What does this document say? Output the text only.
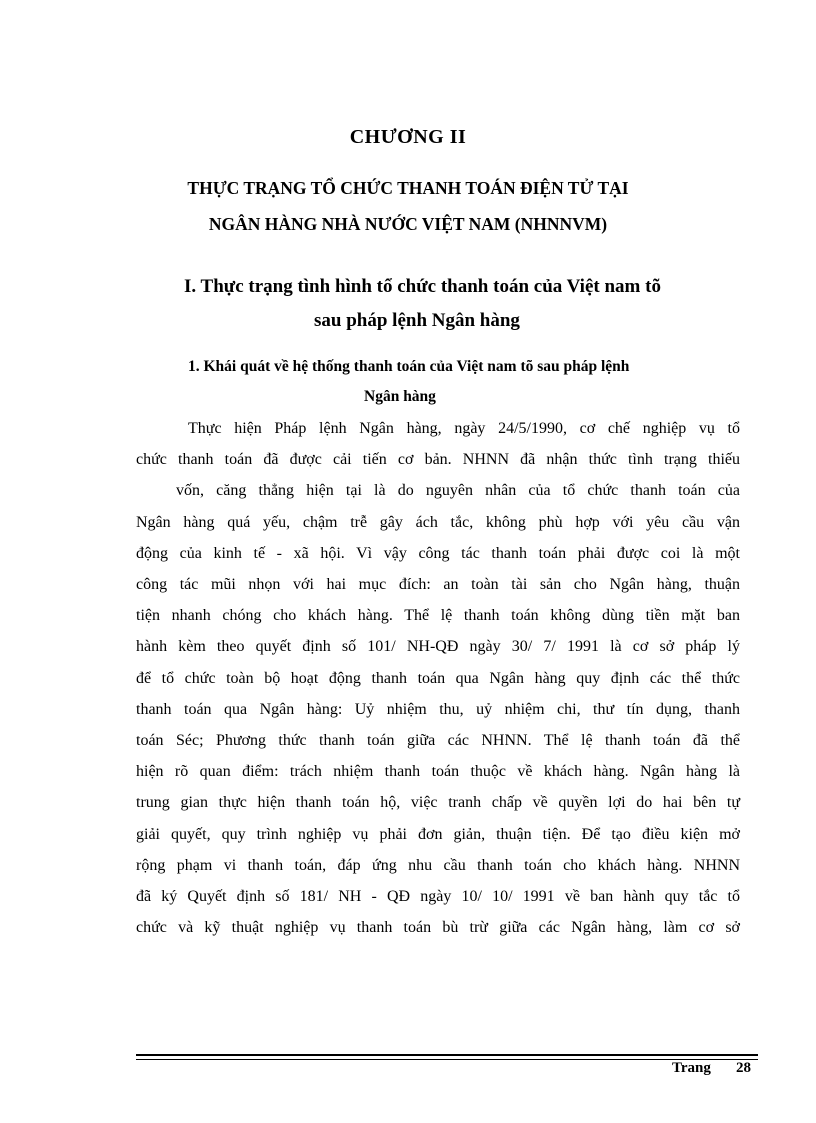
CHƯƠNG II
THỰC TRẠNG TỔ CHỨC THANH TOÁN ĐIỆN TỬ TẠI
NGÂN HÀNG NHÀ NƯỚC VIỆT NAM (NHNNVM)
I. Thực trạng tình hình tổ chức thanh toán của Việt nam tõ
sau pháp lệnh Ngân hàng
1. Khái quát về hệ thống thanh toán của Việt nam tõ sau pháp lệnh
Ngân hàng
Thực hiện Pháp lệnh Ngân hàng, ngày 24/5/1990, cơ chế nghiệp vụ tổ
chức thanh toán đã được cải tiến cơ bản. NHNN đã nhận thức tình trạng thiếu
vốn, căng thẳng hiện tại là do nguyên nhân của tổ chức thanh toán của
Ngân hàng quá yếu, chậm trễ gây ách tắc, không phù hợp với yêu cầu vận
động của kinh tế - xã hội. Vì vậy công tác thanh toán phải được coi là một
công tác mũi nhọn với hai mục đích: an toàn tài sản cho Ngân hàng, thuận
tiện nhanh chóng cho khách hàng. Thể lệ thanh toán không dùng tiền mặt ban
hành kèm theo quyết định số 101/ NH-QĐ ngày 30/ 7/ 1991 là cơ sở pháp lý
để tổ chức toàn bộ hoạt động thanh toán qua Ngân hàng quy định các thể thức
thanh toán qua Ngân hàng: Uỷ nhiệm thu, uỷ nhiệm chi, thư tín dụng, thanh
toán Séc; Phương thức thanh toán giữa các NHNN. Thể lệ thanh toán đã thể
hiện rõ quan điểm: trách nhiệm thanh toán thuộc về khách hàng. Ngân hàng là
trung gian thực hiện thanh toán hộ, việc tranh chấp về quyền lợi do hai bên tự
giải quyết, quy trình nghiệp vụ phải đơn giản, thuận tiện. Để tạo điều kiện mở
rộng phạm vi thanh toán, đáp ứng nhu cầu thanh toán cho khách hàng. NHNN
đã ký Quyết định số 181/ NH - QĐ ngày 10/ 10/ 1991 về ban hành quy tắc tổ
chức và kỹ thuật nghiệp vụ thanh toán bù trừ giữa các Ngân hàng, làm cơ sở
Trang 28
